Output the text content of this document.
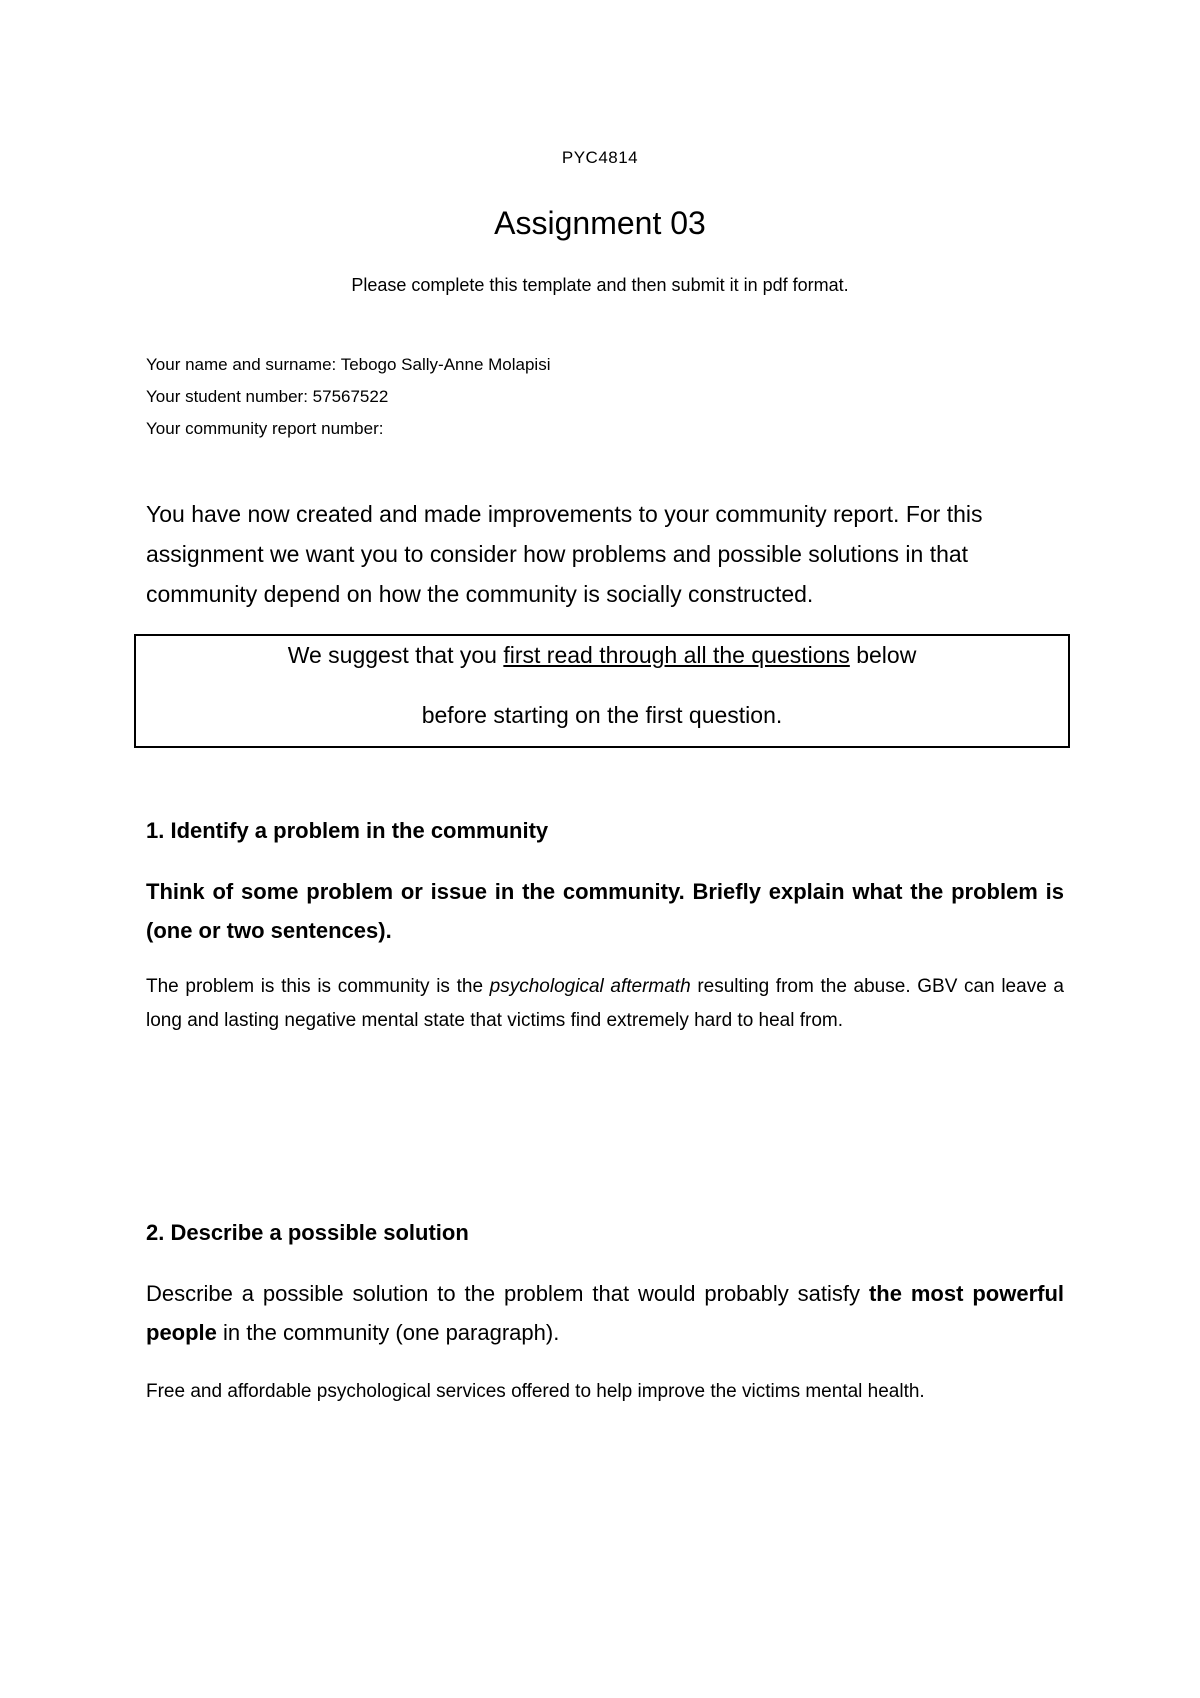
PYC4814
Assignment 03
Please complete this template and then submit it in pdf format.
Your name and surname: Tebogo Sally-Anne Molapisi
Your student number: 57567522
Your community report number:

You have now created and made improvements to your community report. For this assignment we want you to consider how problems and possible solutions in that community depend on how the community is socially constructed.

We suggest that you first read through all the questions below
before starting on the first question.
1. Identify a problem in the community

Think of some problem or issue in the community. Briefly explain what the problem is (one or two sentences).

The problem is this is community is the psychological aftermath resulting from the abuse. GBV can leave a long and lasting negative mental state that victims find extremely hard to heal from.

2. Describe a possible solution

Describe a possible solution to the problem that would probably satisfy the most powerful people in the community (one paragraph).

Free and affordable psychological services offered to help improve the victims mental health.
